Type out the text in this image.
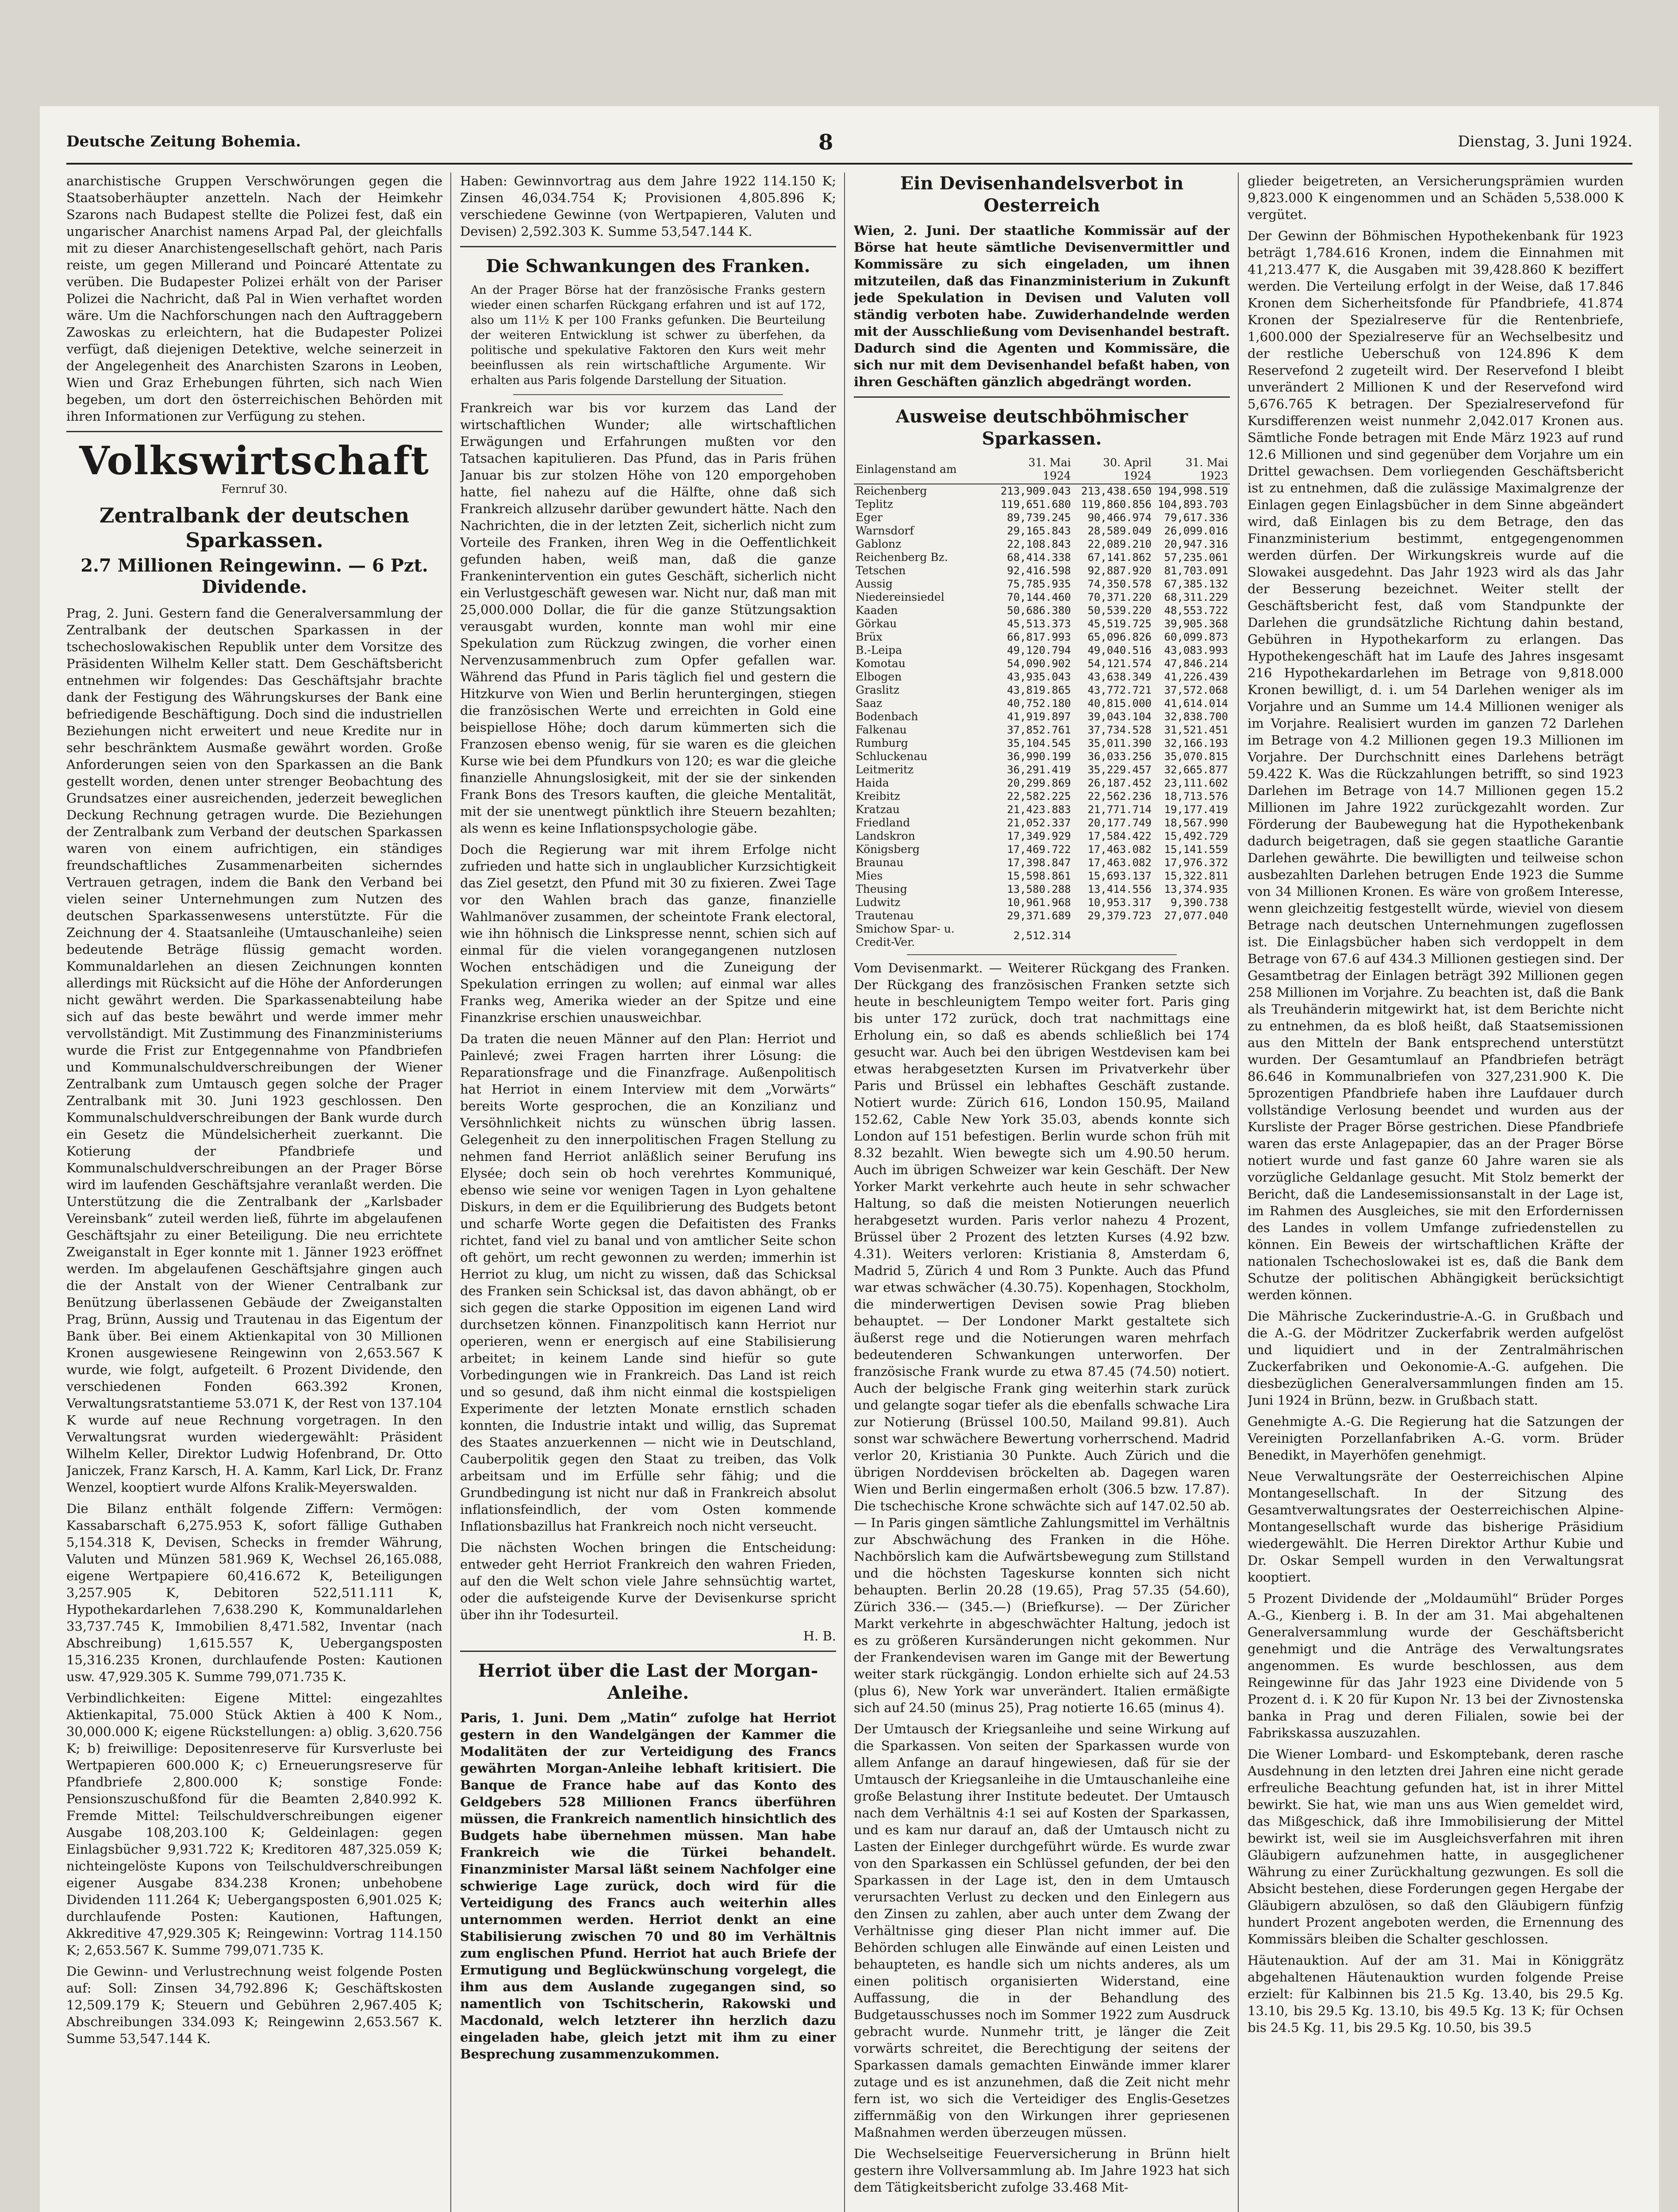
Deutsche Zeitung Bohemia.	8	Dienstag, 3. Juni 1924.

anarchistische Gruppen Verschwörungen gegen die Staatsoberhäupter anzetteln. Nach der Heimkehr Szarons nach Budapest stellte die Polizei fest, daß ein ungarischer Anarchist namens Arpad Pal, der gleichfalls mit zu dieser Anarchistengesellschaft gehört, nach Paris reiste, um gegen Millerand und Poincaré Attentate zu verüben. Die Budapester Polizei erhält von der Pariser Polizei die Nachricht, daß Pal in Wien verhaftet worden wäre. Um die Nachforschungen nach den Auftraggebern Zawoskas zu erleichtern, hat die Budapester Polizei verfügt, daß diejenigen Detektive, welche seinerzeit in der Angelegenheit des Anarchisten Szarons in Leoben, Wien und Graz Erhebungen führten, sich nach Wien begeben, um dort den österreichischen Behörden mit ihren Informationen zur Verfügung zu stehen.

Volkswirtschaft
Fernruf 30.
Zentralbank der deutschen Sparkassen.
2.7 Millionen Reingewinn. — 6 Pzt. Dividende.

Prag, 2. Juni. Gestern fand die Generalversammlung der Zentralbank der deutschen Sparkassen in der tschechoslowakischen Republik unter dem Vorsitze des Präsidenten Wilhelm Keller statt. Dem Geschäftsbericht entnehmen wir folgendes: Das Geschäftsjahr brachte dank der Festigung des Währungskurses der Bank eine befriedigende Beschäftigung. Doch sind die industriellen Beziehungen nicht erweitert und neue Kredite nur in sehr beschränktem Ausmaße gewährt worden. Große Anforderungen seien von den Sparkassen an die Bank gestellt worden, denen unter strenger Beobachtung des Grundsatzes einer ausreichenden, jederzeit beweglichen Deckung Rechnung getragen wurde. Die Beziehungen der Zentralbank zum Verband der deutschen Sparkassen waren von einem aufrichtigen, ein ständiges freundschaftliches Zusammenarbeiten sicherndes Vertrauen getragen, indem die Bank den Verband bei vielen seiner Unternehmungen zum Nutzen des deutschen Sparkassenwesens unterstützte. Für die Zeichnung der 4. Staatsanleihe (Umtauschanleihe) seien bedeutende Beträge flüssig gemacht worden. Kommunaldarlehen an diesen Zeichnungen konnten allerdings mit Rücksicht auf die Höhe der Anforderungen nicht gewährt werden. Die Sparkassenabteilung habe sich auf das beste bewährt und werde immer mehr vervollständigt. Mit Zustimmung des Finanzministeriums wurde die Frist zur Entgegennahme von Pfandbriefen und Kommunalschuldverschreibungen der Wiener Zentralbank zum Umtausch gegen solche der Prager Zentralbank mit 30. Juni 1923 geschlossen. Den Kommunalschuldverschreibungen der Bank wurde durch ein Gesetz die Mündelsicherheit zuerkannt. Die Kotierung der Pfandbriefe und Kommunalschuldverschreibungen an der Prager Börse wird im laufenden Geschäftsjahre veranlaßt werden. Die Unterstützung die die Zentralbank der „Karlsbader Vereinsbank“ zuteil werden ließ, führte im abgelaufenen Geschäftsjahr zu einer Beteiligung. Die neu errichtete Zweiganstalt in Eger konnte mit 1. Jänner 1923 eröffnet werden. Im abgelaufenen Geschäftsjahre gingen auch die der Anstalt von der Wiener Centralbank zur Benützung überlassenen Gebäude der Zweiganstalten Prag, Brünn, Aussig und Trautenau in das Eigentum der Bank über. Bei einem Aktienkapital von 30 Millionen Kronen ausgewiesene Reingewinn von 2,653.567 K wurde, wie folgt, aufgeteilt. 6 Prozent Dividende, den verschiedenen Fonden 663.392 Kronen, Verwaltungsratstantieme 53.071 K, der Rest von 137.104 K wurde auf neue Rechnung vorgetragen. In den Verwaltungsrat wurden wiedergewählt: Präsident Wilhelm Keller, Direktor Ludwig Hofenbrand, Dr. Otto Janiczek, Franz Karsch, H. A. Kamm, Karl Lick, Dr. Franz Wenzel, kooptiert wurde Alfons Kralik-Meyerswalden.

Die Bilanz enthält folgende Ziffern: Vermögen: Kassabarschaft 6,275.953 K, sofort fällige Guthaben 5,154.318 K, Devisen, Schecks in fremder Währung, Valuten und Münzen 581.969 K, Wechsel 26,165.088, eigene Wertpapiere 60,416.672 K, Beteiligungen 3,257.905 K, Debitoren 522,511.111 K, Hypothekardarlehen 7,638.290 K, Kommunaldarlehen 33,737.745 K, Immobilien 8,471.582, Inventar (nach Abschreibung) 1,615.557 K, Uebergangsposten 15,316.235 Kronen, durchlaufende Posten: Kautionen usw. 47,929.305 K. Summe 799,071.735 K.

Verbindlichkeiten: Eigene Mittel: eingezahltes Aktienkapital, 75.000 Stück Aktien à 400 K Nom., 30,000.000 K; eigene Rückstellungen: a) oblig. 3,620.756 K; b) freiwillige: Depositenreserve für Kursverluste bei Wertpapieren 600.000 K; c) Erneuerungsreserve für Pfandbriefe 2,800.000 K; sonstige Fonde: Pensionszuschußfond für die Beamten 2,840.992 K. Fremde Mittel: Teilschuldverschreibungen eigener Ausgabe 108,203.100 K; Geldeinlagen: gegen Einlagsbücher 9,931.722 K; Kreditoren 487,325.059 K; nichteingelöste Kupons von Teilschuldverschreibungen eigener Ausgabe 834.238 Kronen; unbehobene Dividenden 111.264 K; Uebergangsposten 6,901.025 K; durchlaufende Posten: Kautionen, Haftungen, Akkreditive 47,929.305 K; Reingewinn: Vortrag 114.150 K; 2,653.567 K. Summe 799,071.735 K.

Die Gewinn- und Verlustrechnung weist folgende Posten auf: Soll: Zinsen 34,792.896 K; Geschäftskosten 12,509.179 K; Steuern und Gebühren 2,967.405 K; Abschreibungen 334.093 K; Reingewinn 2,653.567 K. Summe 53,547.144 K.

Haben: Gewinnvortrag aus dem Jahre 1922 114.150 K; Zinsen 46,034.754 K; Provisionen 4,805.896 K; verschiedene Gewinne (von Wertpapieren, Valuten und Devisen) 2,592.303 K. Summe 53,547.144 K.

Die Schwankungen des Franken.
An der Prager Börse hat der französische Franks gestern wieder einen scharfen Rückgang erfahren und ist auf 172, also um 11½ K per 100 Franks gefunken. Die Beurteilung der weiteren Entwicklung ist schwer zu überfehen, da politische und spekulative Faktoren den Kurs weit mehr beeinflussen als rein wirtschaftliche Argumente. Wir erhalten aus Paris folgende Darstellung der Situation.

Frankreich war bis vor kurzem das Land der wirtschaftlichen Wunder; alle wirtschaftlichen Erwägungen und Erfahrungen mußten vor den Tatsachen kapitulieren. Das Pfund, das in Paris frühen Januar bis zur stolzen Höhe von 120 emporgehoben hatte, fiel nahezu auf die Hälfte, ohne daß sich Frankreich allzusehr darüber gewundert hätte. Nach den Nachrichten, die in der letzten Zeit, sicherlich nicht zum Vorteile des Franken, ihren Weg in die Oeffentlichkeit gefunden haben, weiß man, daß die ganze Frankenintervention ein gutes Geschäft, sicherlich nicht ein Verlustgeschäft gewesen war. Nicht nur, daß man mit 25,000.000 Dollar, die für die ganze Stützungsaktion verausgabt wurden, konnte man wohl mir eine Spekulation zum Rückzug zwingen, die vorher einen Nervenzusammenbruch zum Opfer gefallen war. Während das Pfund in Paris täglich fiel und gestern die Hitzkurve von Wien und Berlin heruntergingen, stiegen die französischen Werte und erreichten in Gold eine beispiellose Höhe; doch darum kümmerten sich die Franzosen ebenso wenig, für sie waren es die gleichen Kurse wie bei dem Pfundkurs von 120; es war die gleiche finanzielle Ahnungslosigkeit, mit der sie der sinkenden Frank Bons des Tresors kauften, die gleiche Mentalität, mit der sie unentwegt pünktlich ihre Steuern bezahlten; als wenn es keine Inflationspsychologie gäbe.

Doch die Regierung war mit ihrem Erfolge nicht zufrieden und hatte sich in unglaublicher Kurzsichtigkeit das Ziel gesetzt, den Pfund mit 30 zu fixieren. Zwei Tage vor den Wahlen brach das ganze, finanzielle Wahlmanöver zusammen, der scheintote Frank electoral, wie ihn höhnisch die Linkspresse nennt, schien sich auf einmal für die vielen vorangegangenen nutzlosen Wochen entschädigen und die Zuneigung der Spekulation erringen zu wollen; auf einmal war alles Franks weg, Amerika wieder an der Spitze und eine Finanzkrise erschien unausweichbar.

Da traten die neuen Männer auf den Plan: Herriot und Painlevé; zwei Fragen harrten ihrer Lösung: die Reparationsfrage und die Finanzfrage. Außenpolitisch hat Herriot in einem Interview mit dem „Vorwärts“ bereits Worte gesprochen, die an Konzilianz und Versöhnlichkeit nichts zu wünschen übrig lassen. Gelegenheit zu den innerpolitischen Fragen Stellung zu nehmen fand Herriot anläßlich seiner Berufung ins Elysée; doch sein ob hoch verehrtes Kommuniqué, ebenso wie seine vor wenigen Tagen in Lyon gehaltene Diskurs, in dem er die Equilibrierung des Budgets betont und scharfe Worte gegen die Defaitisten des Franks richtet, fand viel zu banal und von amtlicher Seite schon oft gehört, um recht gewonnen zu werden; immerhin ist Herriot zu klug, um nicht zu wissen, daß das Schicksal des Franken sein Schicksal ist, das davon abhängt, ob er sich gegen die starke Opposition im eigenen Land wird durchsetzen können. Finanzpolitisch kann Herriot nur operieren, wenn er energisch auf eine Stabilisierung arbeitet; in keinem Lande sind hiefür so gute Vorbedingungen wie in Frankreich. Das Land ist reich und so gesund, daß ihm nicht einmal die kostspieligen Experimente der letzten Monate ernstlich schaden konnten, die Industrie intakt und willig, das Supremat des Staates anzuerkennen — nicht wie in Deutschland, Cauberpolitik gegen den Staat zu treiben, das Volk arbeitsam und im Erfülle sehr fähig; und die Grundbedingung ist nicht nur daß in Frankreich absolut inflationsfeindlich, der vom Osten kommende Inflationsbazillus hat Frankreich noch nicht verseucht.

Die nächsten Wochen bringen die Entscheidung: entweder geht Herriot Frankreich den wahren Frieden, auf den die Welt schon viele Jahre sehnsüchtig wartet, oder die aufsteigende Kurve der Devisenkurse spricht über ihn ihr Todesurteil.

H. B.

Herriot über die Last der Morgan-Anleihe.

Paris, 1. Juni. Dem „Matin“ zufolge hat Herriot gestern in den Wandelgängen der Kammer die Modalitäten der zur Verteidigung des Francs gewährten Morgan-Anleihe lebhaft kritisiert. Die Banque de France habe auf das Konto des Geldgebers 528 Millionen Francs überführen müssen, die Frankreich namentlich hinsichtlich des Budgets habe übernehmen müssen. Man habe Frankreich wie die Türkei behandelt. Finanzminister Marsal läßt seinem Nachfolger eine schwierige Lage zurück, doch wird für die Verteidigung des Francs auch weiterhin alles unternommen werden. Herriot denkt an eine Stabilisierung zwischen 70 und 80 im Verhältnis zum englischen Pfund. Herriot hat auch Briefe der Ermutigung und Beglückwünschung vorgelegt, die ihm aus dem Auslande zugegangen sind, so namentlich von Tschitscherin, Rakowski und Macdonald, welch letzterer ihn herzlich dazu eingeladen habe, gleich jetzt mit ihm zu einer Besprechung zusammenzukommen.

Ein Devisenhandelsverbot in Oesterreich

Wien, 2. Juni. Der staatliche Kommissär auf der Börse hat heute sämtliche Devisenvermittler und Kommissäre zu sich eingeladen, um ihnen mitzuteilen, daß das Finanzministerium in Zukunft jede Spekulation in Devisen und Valuten voll ständig verboten habe. Zuwiderhandelnde werden mit der Ausschließung vom Devisenhandel bestraft. Dadurch sind die Agenten und Kommissäre, die sich nur mit dem Devisenhandel befaßt haben, von ihren Geschäften gänzlich abgedrängt worden.

Ausweise deutschböhmischer Sparkassen.
Einlagenstand am	31. Mai 1924	30. April 1924	31. Mai 1923
Reichenberg	213,909.043	213,438.650	194,998.519
Teplitz	119,651.680	119,860.856	104,893.703
Eger	89,739.245	90,466.974	79,617.336
Warnsdorf	29,165.843	28,589.049	26,099.016
Gablonz	22,108.843	22,089.210	20,947.316
Reichenberg Bz.	68,414.338	67,141.862	57,235.061
Tetschen	92,416.598	92,887.920	81,703.091
Aussig	75,785.935	74,350.578	67,385.132
Niedereinsiedel	70,144.460	70,371.220	68,311.229
Kaaden	50,686.380	50,539.220	48,553.722
Görkau	45,513.373	45,519.725	39,905.368
Brüx	66,817.993	65,096.826	60,099.873
B.-Leipa	49,120.794	49,040.516	43,083.993
Komotau	54,090.902	54,121.574	47,846.214
Elbogen	43,935.043	43,638.349	41,226.439
Graslitz	43,819.865	43,772.721	37,572.068
Saaz	40,752.180	40,815.000	41,614.014
Bodenbach	41,919.897	39,043.104	32,838.700
Falkenau	37,852.761	37,734.528	31,521.451
Rumburg	35,104.545	35,011.390	32,166.193
Schluckenau	36,990.199	36,033.256	35,070.815
Leitmeritz	36,291.419	35,229.457	32,665.877
Haida	20,299.869	26,187.452	23,111.602
Kreibitz	22,582.225	22,562.236	18,713.576
Kratzau	21,423.883	21,771.714	19,177.419
Friedland	21,052.337	20,177.749	18,567.990
Landskron	17,349.929	17,584.422	15,492.729
Königsberg	17,469.722	17,463.082	15,141.559
Braunau	17,398.847	17,463.082	17,976.372
Mies	15,598.861	15,693.137	15,322.811
Theusing	13,580.288	13,414.556	13,374.935
Ludwitz	10,961.968	10,953.317	9,390.738
Trautenau	29,371.689	29,379.723	27,077.040
Smichow Spar- u. Credit-Ver.	2,512.314		

Vom Devisenmarkt. — Weiterer Rückgang des Franken. Der Rückgang des französischen Franken setzte sich heute in beschleunigtem Tempo weiter fort. Paris ging bis unter 172 zurück, doch trat nachmittags eine Erholung ein, so daß es abends schließlich bei 174 gesucht war. Auch bei den übrigen Westdevisen kam bei etwas herabgesetzten Kursen im Privatverkehr über Paris und Brüssel ein lebhaftes Geschäft zustande. Notiert wurde: Zürich 616, London 150.95, Mailand 152.62, Cable New York 35.03, abends konnte sich London auf 151 befestigen. Berlin wurde schon früh mit 8.32 bezahlt. Wien bewegte sich um 4.90.50 herum. Auch im übrigen Schweizer war kein Geschäft. Der New Yorker Markt verkehrte auch heute in sehr schwacher Haltung, so daß die meisten Notierungen neuerlich herabgesetzt wurden. Paris verlor nahezu 4 Prozent, Brüssel über 2 Prozent des letzten Kurses (4.92 bzw. 4.31). Weiters verloren: Kristiania 8, Amsterdam 6, Madrid 5, Zürich 4 und Rom 3 Punkte. Auch das Pfund war etwas schwächer (4.30.75). Kopenhagen, Stockholm, die minderwertigen Devisen sowie Prag blieben behauptet. — Der Londoner Markt gestaltete sich äußerst rege und die Notierungen waren mehrfach bedeutenderen Schwankungen unterworfen. Der französische Frank wurde zu etwa 87.45 (74.50) notiert. Auch der belgische Frank ging weiterhin stark zurück und gelangte sogar tiefer als die ebenfalls schwache Lira zur Notierung (Brüssel 100.50, Mailand 99.81). Auch sonst war schwächere Bewertung vorherrschend. Madrid verlor 20, Kristiania 30 Punkte. Auch Zürich und die übrigen Norddevisen bröckelten ab. Dagegen waren Wien und Berlin eingermaßen erholt (306.5 bzw. 17.87). Die tschechische Krone schwächte sich auf 147.02.50 ab. — In Paris gingen sämtliche Zahlungsmittel im Verhältnis zur Abschwächung des Franken in die Höhe. Nachbörslich kam die Aufwärtsbewegung zum Stillstand und die höchsten Tageskurse konnten sich nicht behaupten. Berlin 20.28 (19.65), Prag 57.35 (54.60), Zürich 336.— (345.—) (Briefkurse). — Der Züricher Markt verkehrte in abgeschwächter Haltung, jedoch ist es zu größeren Kursänderungen nicht gekommen. Nur der Frankendevisen waren im Gange mit der Bewertung weiter stark rückgängig. London erhielte sich auf 24.53 (plus 6), New York war unverändert. Italien ermäßigte sich auf 24.50 (minus 25), Prag notierte 16.65 (minus 4).

Der Umtausch der Kriegsanleihe und seine Wirkung auf die Sparkassen. Von seiten der Sparkassen wurde von allem Anfange an darauf hingewiesen, daß für sie der Umtausch der Kriegsanleihe in die Umtauschanleihe eine große Belastung ihrer Institute bedeutet. Der Umtausch nach dem Verhältnis 4:1 sei auf Kosten der Sparkassen, und es kam nur darauf an, daß der Umtausch nicht zu Lasten der Einleger durchgeführt würde. Es wurde zwar von den Sparkassen ein Schlüssel gefunden, der bei den Sparkassen in der Lage ist, den in dem Umtausch verursachten Verlust zu decken und den Einlegern aus den Zinsen zu zahlen, aber auch unter dem Zwang der Verhältnisse ging dieser Plan nicht immer auf. Die Behörden schlugen alle Einwände auf einen Leisten und behaupteten, es handle sich um nichts anderes, als um einen politisch organisierten Widerstand, eine Auffassung, die in der Behandlung des Budgetausschusses noch im Sommer 1922 zum Ausdruck gebracht wurde. Nunmehr tritt, je länger die Zeit vorwärts schreitet, die Berechtigung der seitens der Sparkassen damals gemachten Einwände immer klarer zutage und es ist anzunehmen, daß die Zeit nicht mehr fern ist, wo sich die Verteidiger des Englis-Gesetzes ziffernmäßig von den Wirkungen ihrer gepriesenen Maßnahmen werden überzeugen müssen.

Die Wechselseitige Feuerversicherung in Brünn hielt gestern ihre Vollversammlung ab. Im Jahre 1923 hat sich dem Tätigkeitsbericht zufolge 33.468 Mit-

glieder beigetreten, an Versicherungsprämien wurden 9,823.000 K eingenommen und an Schäden 5,538.000 K vergütet.

Der Gewinn der Böhmischen Hypothekenbank für 1923 beträgt 1,784.616 Kronen, indem die Einnahmen mit 41,213.477 K, die Ausgaben mit 39,428.860 K beziffert werden. Die Verteilung erfolgt in der Weise, daß 17.846 Kronen dem Sicherheitsfonde für Pfandbriefe, 41.874 Kronen der Spezialreserve für die Rentenbriefe, 1,600.000 der Spezialreserve für an Wechselbesitz und der restliche Ueberschuß von 124.896 K dem Reservefond 2 zugeteilt wird. Der Reservefond I bleibt unverändert 2 Millionen K und der Reservefond wird 5,676.765 K betragen. Der Spezialreservefond für Kursdifferenzen weist nunmehr 2,042.017 Kronen aus. Sämtliche Fonde betragen mit Ende März 1923 auf rund 12.6 Millionen und sind gegenüber dem Vorjahre um ein Drittel gewachsen. Dem vorliegenden Geschäftsbericht ist zu entnehmen, daß die zulässige Maximalgrenze der Einlagen gegen Einlagsbücher in dem Sinne abgeändert wird, daß Einlagen bis zu dem Betrage, den das Finanzministerium bestimmt, entgegengenommen werden dürfen. Der Wirkungskreis wurde auf die Slowakei ausgedehnt. Das Jahr 1923 wird als das Jahr der Besserung bezeichnet. Weiter stellt der Geschäftsbericht fest, daß vom Standpunkte der Darlehen die grundsätzliche Richtung dahin bestand, Gebühren in Hypothekarform zu erlangen. Das Hypothekengeschäft hat im Laufe des Jahres insgesamt 216 Hypothekardarlehen im Betrage von 9,818.000 Kronen bewilligt, d. i. um 54 Darlehen weniger als im Vorjahre und an Summe um 14.4 Millionen weniger als im Vorjahre. Realisiert wurden im ganzen 72 Darlehen im Betrage von 4.2 Millionen gegen 19.3 Millionen im Vorjahre. Der Durchschnitt eines Darlehens beträgt 59.422 K. Was die Rückzahlungen betrifft, so sind 1923 Darlehen im Betrage von 14.7 Millionen gegen 15.2 Millionen im Jahre 1922 zurückgezahlt worden. Zur Förderung der Baubewegung hat die Hypothekenbank dadurch beigetragen, daß sie gegen staatliche Garantie Darlehen gewährte. Die bewilligten und teilweise schon ausbezahlten Darlehen betrugen Ende 1923 die Summe von 34 Millionen Kronen. Es wäre von großem Interesse, wenn gleichzeitig festgestellt würde, wieviel von diesem Betrage nach deutschen Unternehmungen zugeflossen ist. Die Einlagsbücher haben sich verdoppelt in dem Betrage von 67.6 auf 434.3 Millionen gestiegen sind. Der Gesamtbetrag der Einlagen beträgt 392 Millionen gegen 258 Millionen im Vorjahre. Zu beachten ist, daß die Bank als Treuhänderin mitgewirkt hat, ist dem Berichte nicht zu entnehmen, da es bloß heißt, daß Staatsemissionen aus den Mitteln der Bank entsprechend unterstützt wurden. Der Gesamtumlauf an Pfandbriefen beträgt 86.646 in Kommunalbriefen von 327,231.900 K. Die 5prozentigen Pfandbriefe haben ihre Laufdauer durch vollständige Verlosung beendet und wurden aus der Kursliste der Prager Börse gestrichen. Diese Pfandbriefe waren das erste Anlagepapier, das an der Prager Börse notiert wurde und fast ganze 60 Jahre waren sie als vorzügliche Geldanlage gesucht. Mit Stolz bemerkt der Bericht, daß die Landesemissionsanstalt in der Lage ist, im Rahmen des Ausgleiches, sie mit den Erfordernissen des Landes in vollem Umfange zufriedenstellen zu können. Ein Beweis der wirtschaftlichen Kräfte der nationalen Tschechoslowakei ist es, daß die Bank dem Schutze der politischen Abhängigkeit berücksichtigt werden können.

Die Mährische Zuckerindustrie-A.-G. in Grußbach und die A.-G. der Mödritzer Zuckerfabrik werden aufgelöst und liquidiert und in der Zentralmährischen Zuckerfabriken und Oekonomie-A.-G. aufgehen. Die diesbezüglichen Generalversammlungen finden am 15. Juni 1924 in Brünn, bezw. in Grußbach statt.

Genehmigte A.-G. Die Regierung hat die Satzungen der Vereinigten Porzellanfabriken A.-G. vorm. Brüder Benedikt, in Mayerhöfen genehmigt.

Neue Verwaltungsräte der Oesterreichischen Alpine Montangesellschaft. In der Sitzung des Gesamtverwaltungsrates der Oesterreichischen Alpine-Montangesellschaft wurde das bisherige Präsidium wiedergewählt. Die Herren Direktor Arthur Kubie und Dr. Oskar Sempell wurden in den Verwaltungsrat kooptiert.

5 Prozent Dividende der „Moldaumühl“ Brüder Porges A.-G., Kienberg i. B. In der am 31. Mai abgehaltenen Generalversammlung wurde der Geschäftsbericht genehmigt und die Anträge des Verwaltungsrates angenommen. Es wurde beschlossen, aus dem Reingewinne für das Jahr 1923 eine Dividende von 5 Prozent d. i. K 20 für Kupon Nr. 13 bei der Zivnostenska banka in Prag und deren Filialen, sowie bei der Fabrikskassa auszuzahlen.

Die Wiener Lombard- und Eskomptebank, deren rasche Ausdehnung in den letzten drei Jahren eine nicht gerade erfreuliche Beachtung gefunden hat, ist in ihrer Mittel bewirkt. Sie hat, wie man uns aus Wien gemeldet wird, das Mißgeschick, daß ihre Immobilisierung der Mittel bewirkt ist, weil sie im Ausgleichsverfahren mit ihren Gläubigern aufzunehmen hatte, in ausgeglichener Währung zu einer Zurückhaltung gezwungen. Es soll die Absicht bestehen, diese Forderungen gegen Hergabe der Gläubigern abzulösen, so daß den Gläubigern fünfzig hundert Prozent angeboten werden, die Ernennung des Kommissärs bleiben die Schalter geschlossen.

Häutenauktion. Auf der am 31. Mai in Königgrätz abgehaltenen Häutenauktion wurden folgende Preise erzielt: für Kalbinnen bis 21.5 Kg. 13.40, bis 29.5 Kg. 13.10, bis 29.5 Kg. 13.10, bis 49.5 Kg. 13 K; für Ochsen bis 24.5 Kg. 11, bis 29.5 Kg. 10.50, bis 39.5
